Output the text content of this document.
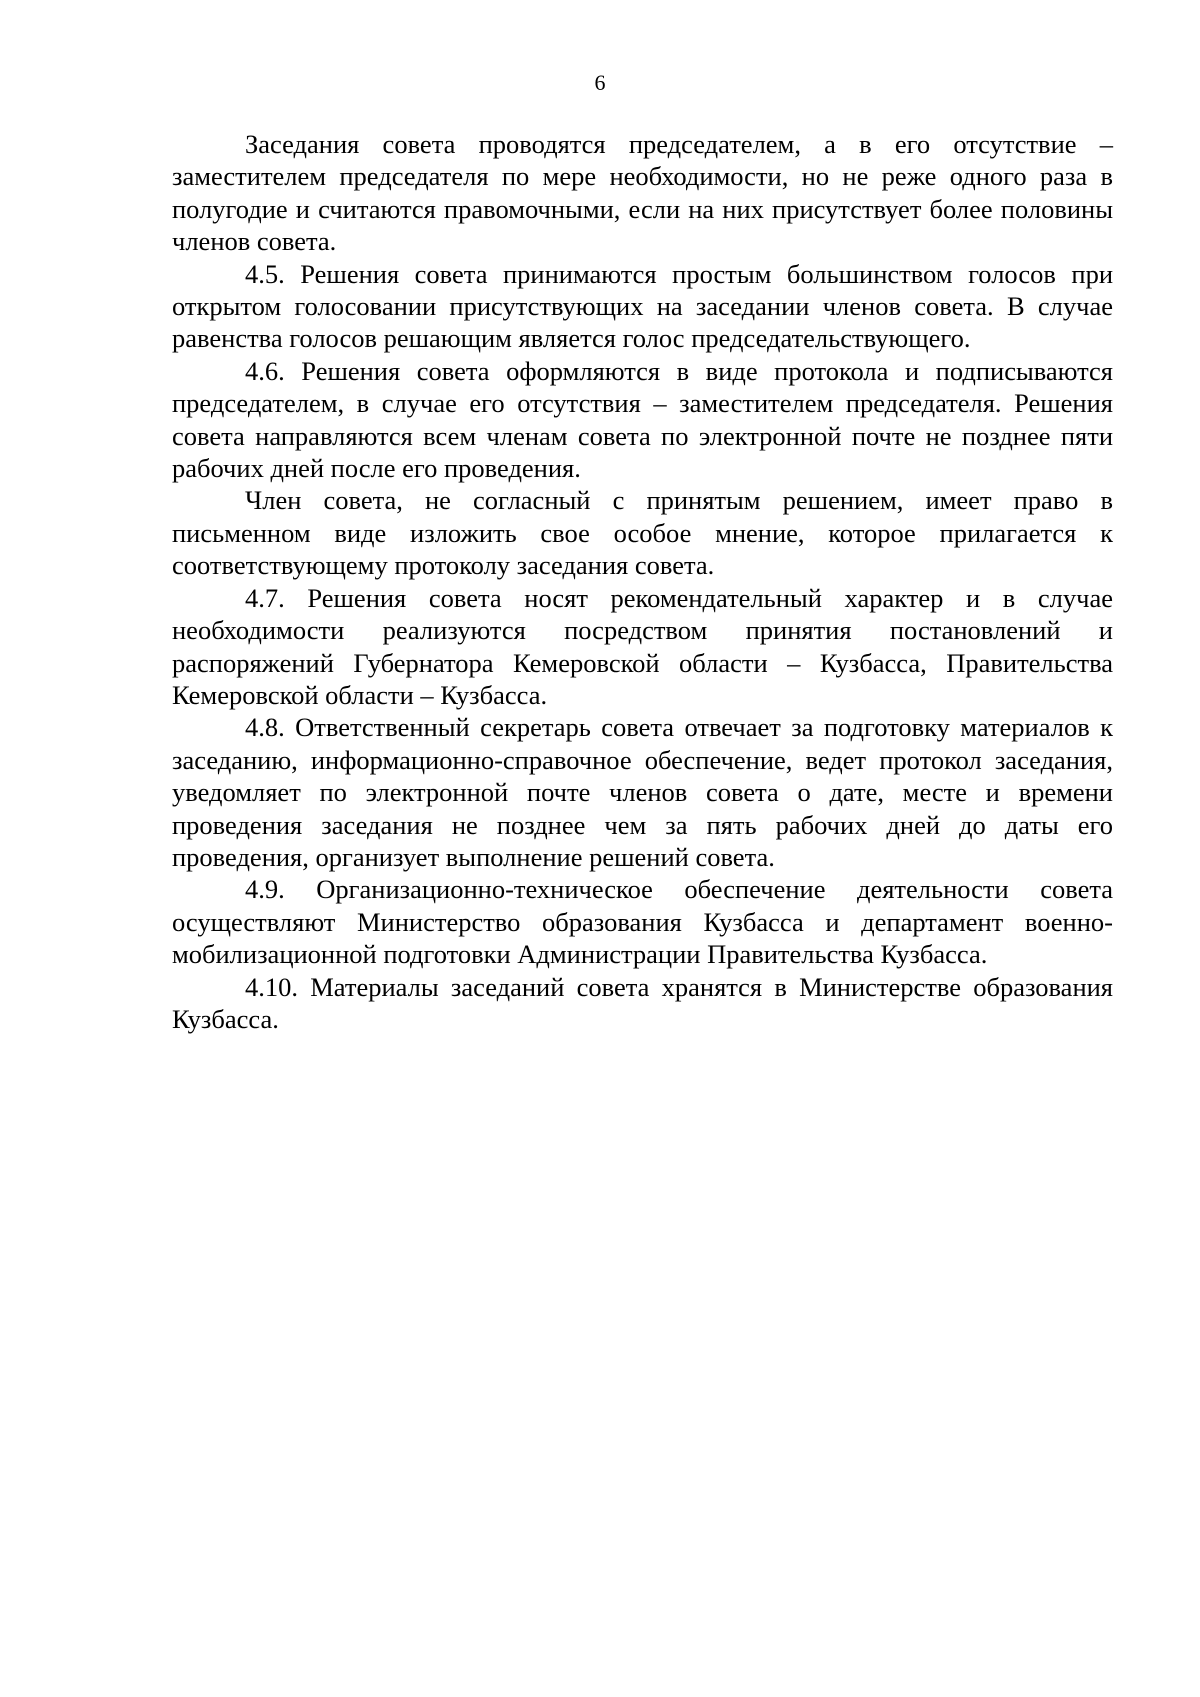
6

Заседания совета проводятся председателем, а в его отсутствие – заместителем председателя по мере необходимости, но не реже одного раза в полугодие и считаются правомочными, если на них присутствует более половины членов совета.

4.5. Решения совета принимаются простым большинством голосов при открытом голосовании присутствующих на заседании членов совета. В случае равенства голосов решающим является голос председательствующего.

4.6. Решения совета оформляются в виде протокола и подписываются председателем, в случае его отсутствия – заместителем председателя. Решения совета направляются всем членам совета по электронной почте не позднее пяти рабочих дней после его проведения.

Член совета, не согласный с принятым решением, имеет право в письменном виде изложить свое особое мнение, которое прилагается к соответствующему протоколу заседания совета.

4.7. Решения совета носят рекомендательный характер и в случае необходимости реализуются посредством принятия постановлений и распоряжений Губернатора Кемеровской области – Кузбасса, Правительства Кемеровской области – Кузбасса.

4.8. Ответственный секретарь совета отвечает за подготовку материалов к заседанию, информационно-справочное обеспечение, ведет протокол заседания, уведомляет по электронной почте членов совета о дате, месте и времени проведения заседания не позднее чем за пять рабочих дней до даты его проведения, организует выполнение решений совета.

4.9. Организационно-техническое обеспечение деятельности совета осуществляют Министерство образования Кузбасса и департамент военно-мобилизационной подготовки Администрации Правительства Кузбасса.

4.10. Материалы заседаний совета хранятся в Министерстве образования Кузбасса.
